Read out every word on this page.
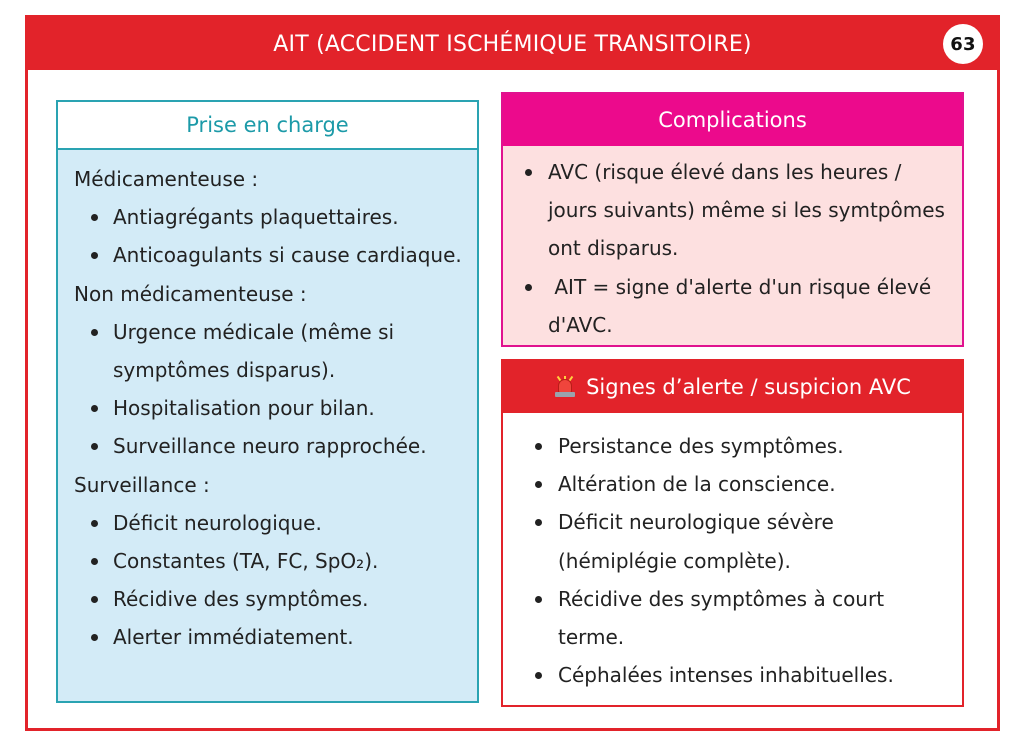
AIT (ACCIDENT ISCHÉMIQUE TRANSITOIRE)	63
Prise en charge
Médicamenteuse :
Antiagrégants plaquettaires.
Anticoagulants si cause cardiaque.
Non médicamenteuse :
Urgence médicale (même si symptômes disparus).
Hospitalisation pour bilan.
Surveillance neuro rapprochée.
Surveillance :
Déficit neurologique.
Constantes (TA, FC, SpO₂).
Récidive des symptômes.
Alerter immédiatement.
Complications
AVC (risque élevé dans les heures / jours suivants) même si les symtpômes ont disparus.
AIT = signe d'alerte d'un risque élevé d'AVC.
Signes d’alerte / suspicion AVC
Persistance des symptômes.
Altération de la conscience.
Déficit neurologique sévère (hémiplégie complète).
Récidive des symptômes à court terme.
Céphalées intenses inhabituelles.
